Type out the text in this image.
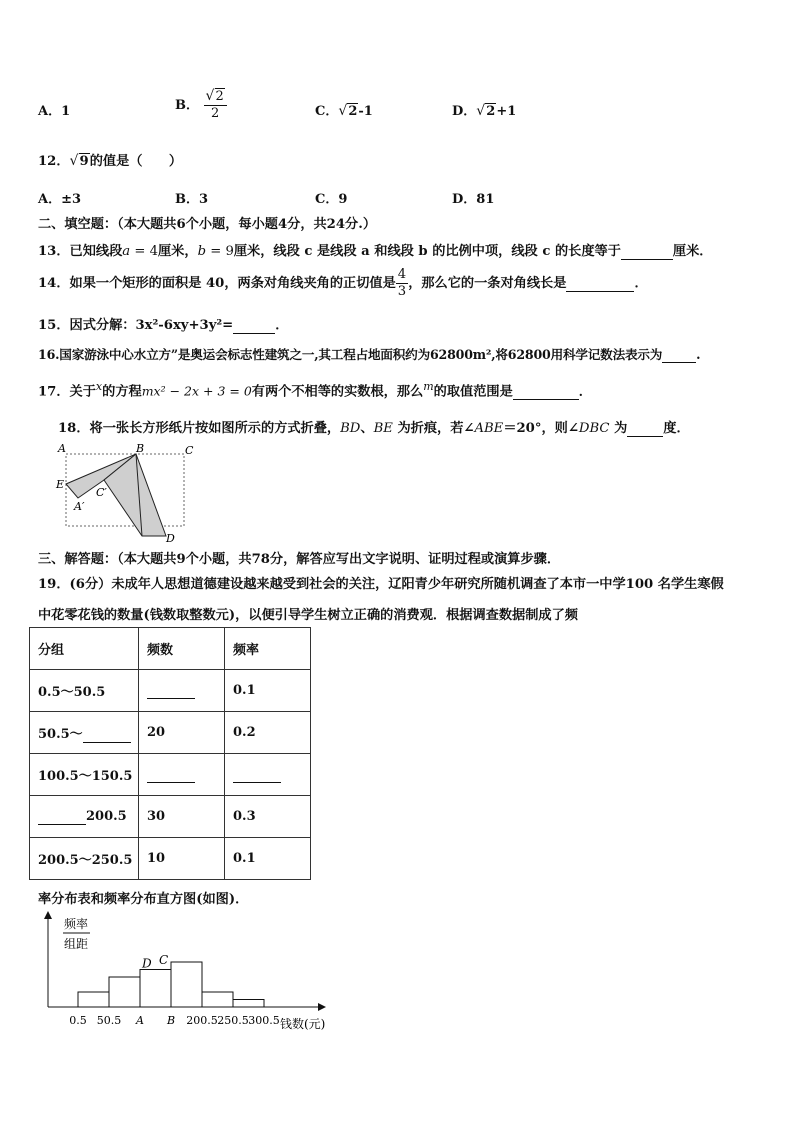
A．1	B． $\frac{√ 2}{2}$	C． √ 2-1	D． √ 2+1
12． √ 9的值是（　　）
A．±3	B．3	C．9	D．81
二、填空题：（本大题共6个小题，每小题4分，共24分.）
13．已知线段a = 4厘米，b = 9厘米，线段 c 是线段 a 和线段 b 的比例中项，线段 c 的长度等于	厘米．
14．如果一个矩形的面积是 40，两条对角线夹角的正切值是 $\frac{4}{3}$ ，那么它的一条对角线长是	．
15．因式分解：3x²-6xy+3y²=	．
16.国家游泳中心水立方”是奥运会标志性建筑之一,其工程占地面积约为62800m²,将62800用科学记数法表示为	.
17．关于$^x$的方程mx² − 2x + 3 = 0有两个不相等的实数根，那么$^m$的取值范围是	．
18．将一张长方形纸片按如图所示的方式折叠，BD、BE 为折痕，若∠ABE＝20°，则∠DBC 为	度．
A	B	C
E
C′
A′
D
三、解答题：（本大题共9个小题，共78分，解答应写出文字说明、证明过程或演算步骤．
19．(6分）未成年人思想道德建设越来越受到社会的关注，辽阳青少年研究所随机调查了本市一中学100 名学生寒假
中花零花钱的数量(钱数取整数元)，以便引导学生树立正确的消费观．根据调查数据制成了频
分组	频数	频率
0.5～50.5		0.1
50.5～	20	0.2
100.5～150.5		
200.5	30	0.3
200.5～250.5	10	0.1
率分布表和频率分布直方图(如图)．
频率
组距
0.5 50.5 A B 200.5 250.5 300.5
D C
钱数(元)
